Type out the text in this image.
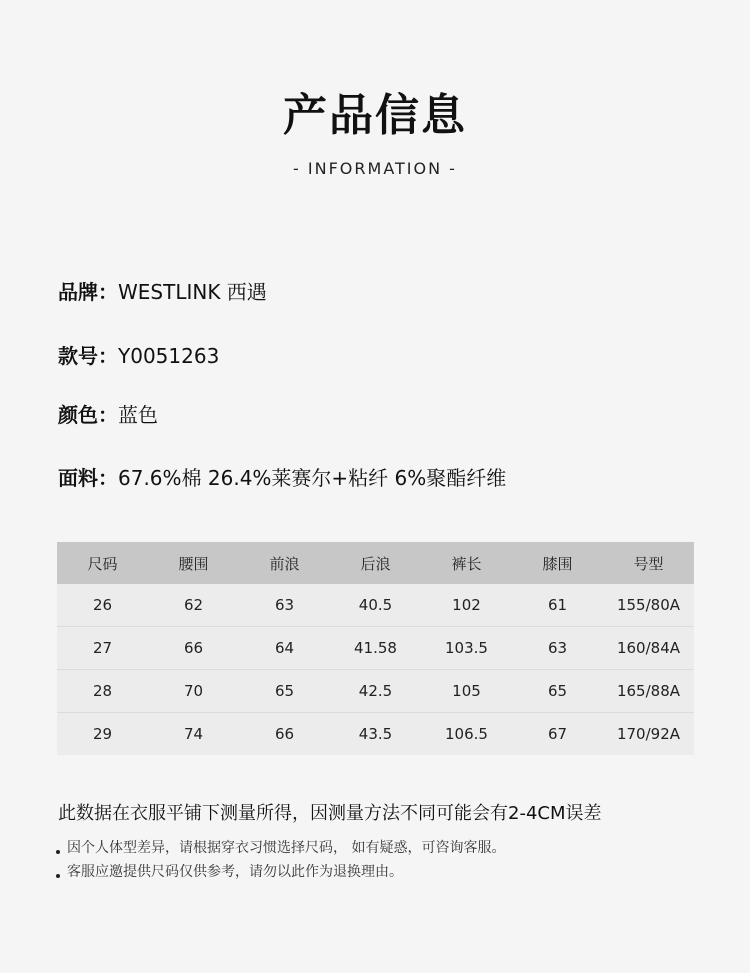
产品信息
- INFORMATION -
品牌：WESTLINK 西遇
款号：Y0051263
颜色：蓝色
面料：67.6%棉 26.4%莱赛尔+粘纤 6%聚酯纤维
尺码	腰围	前浪	后浪	裤长	膝围	号型
26	62	63	40.5	102	61	155/80A
27	66	64	41.58	103.5	63	160/84A
28	70	65	42.5	105	65	165/88A
29	74	66	43.5	106.5	67	170/92A
此数据在衣服平铺下测量所得，因测量方法不同可能会有2-4CM误差
因个人体型差异，请根据穿衣习惯选择尺码， 如有疑惑，可咨询客服。
客服应邀提供尺码仅供参考，请勿以此作为退换理由。
